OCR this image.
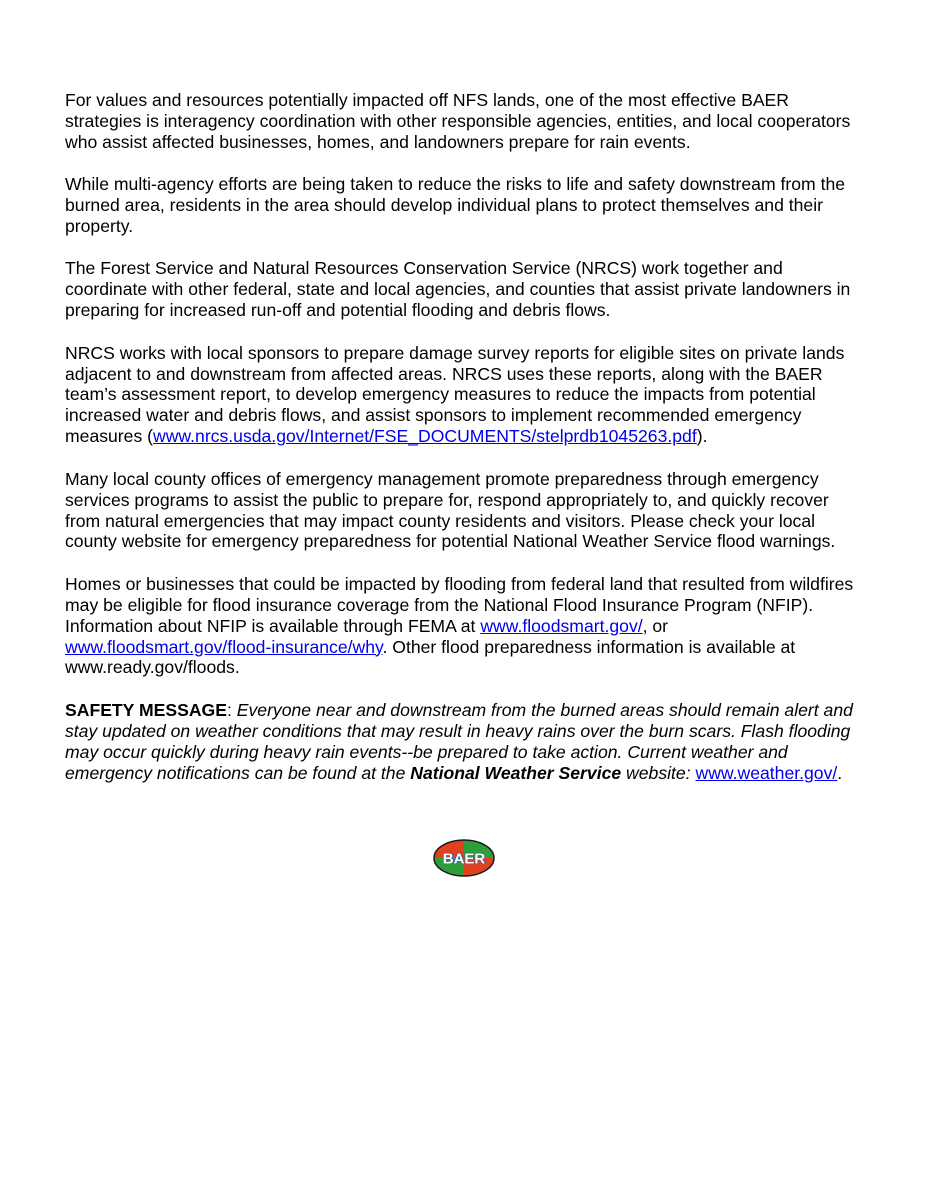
For values and resources potentially impacted off NFS lands, one of the most effective BAER strategies is interagency coordination with other responsible agencies, entities, and local cooperators who assist affected businesses, homes, and landowners prepare for rain events.

While multi-agency efforts are being taken to reduce the risks to life and safety downstream from the burned area, residents in the area should develop individual plans to protect themselves and their property.

The Forest Service and Natural Resources Conservation Service (NRCS) work together and coordinate with other federal, state and local agencies, and counties that assist private landowners in preparing for increased run-off and potential flooding and debris flows.

NRCS works with local sponsors to prepare damage survey reports for eligible sites on private lands adjacent to and downstream from affected areas. NRCS uses these reports, along with the BAER team’s assessment report, to develop emergency measures to reduce the impacts from potential increased water and debris flows, and assist sponsors to implement recommended emergency measures (www.nrcs.usda.gov/Internet/FSE_DOCUMENTS/stelprdb1045263.pdf).

Many local county offices of emergency management promote preparedness through emergency services programs to assist the public to prepare for, respond appropriately to, and quickly recover from natural emergencies that may impact county residents and visitors. Please check your local county website for emergency preparedness for potential National Weather Service flood warnings.

Homes or businesses that could be impacted by flooding from federal land that resulted from wildfires may be eligible for flood insurance coverage from the National Flood Insurance Program (NFIP). Information about NFIP is available through FEMA at www.floodsmart.gov/, or www.floodsmart.gov/flood-insurance/why. Other flood preparedness information is available at www.ready.gov/floods.

SAFETY MESSAGE: Everyone near and downstream from the burned areas should remain alert and stay updated on weather conditions that may result in heavy rains over the burn scars. Flash flooding may occur quickly during heavy rain events--be prepared to take action. Current weather and emergency notifications can be found at the National Weather Service website: www.weather.gov/.

BAER
